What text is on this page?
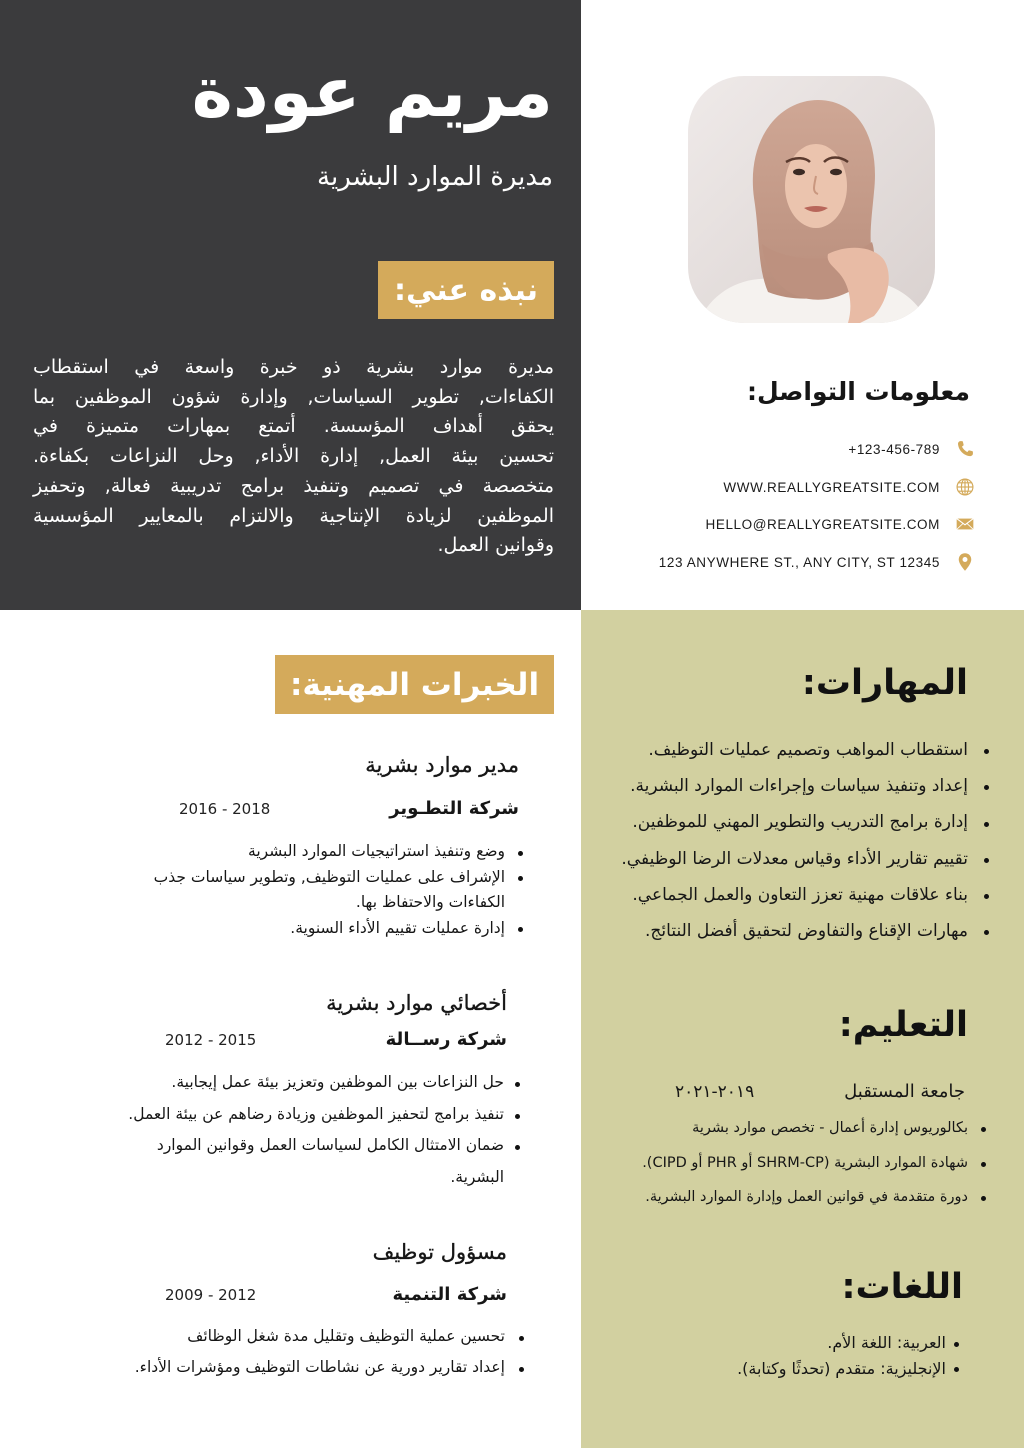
مريم عودة
مديرة الموارد البشرية
نبذه عني:
مديرة موارد بشرية ذو خبرة واسعة في استقطاب
الكفاءات, تطوير السياسات, وإدارة شؤون الموظفين بما
يحقق أهداف المؤسسة. أتمتع بمهارات متميزة في
تحسين بيئة العمل, إدارة الأداء, وحل النزاعات بكفاءة.
متخصصة في تصميم وتنفيذ برامج تدريبية فعالة, وتحفيز
الموظفين لزيادة الإنتاجية والالتزام بالمعايير المؤسسية
وقوانين العمل.
معلومات التواصل:
+123-456-789
WWW.REALLYGREATSITE.COM
HELLO@REALLYGREATSITE.COM
123 ANYWHERE ST., ANY CITY, ST 12345
الخبرات المهنية:
مدير موارد بشرية
شركة التطـوير
2016 - 2018
وضع وتنفيذ استراتيجيات الموارد البشرية
الإشراف على عمليات التوظيف, وتطوير سياسات جذب الكفاءات والاحتفاظ بها.
إدارة عمليات تقييم الأداء السنوية.
أخصائي موارد بشرية
شركة رســالة
2012 - 2015
حل النزاعات بين الموظفين وتعزيز بيئة عمل إيجابية.
تنفيذ برامج لتحفيز الموظفين وزيادة رضاهم عن بيئة العمل.
ضمان الامتثال الكامل لسياسات العمل وقوانين الموارد البشرية.
مسؤول توظيف
شركة التنمية
2009 - 2012
تحسين عملية التوظيف وتقليل مدة شغل الوظائف
إعداد تقارير دورية عن نشاطات التوظيف ومؤشرات الأداء.
المهارات:
استقطاب المواهب وتصميم عمليات التوظيف.
إعداد وتنفيذ سياسات وإجراءات الموارد البشرية.
إدارة برامج التدريب والتطوير المهني للموظفين.
تقييم تقارير الأداء وقياس معدلات الرضا الوظيفي.
بناء علاقات مهنية تعزز التعاون والعمل الجماعي.
مهارات الإقناع والتفاوض لتحقيق أفضل النتائج.
التعليم:
جامعة المستقبل
٢٠١٩-٢٠٢١
بكالوريوس إدارة أعمال - تخصص موارد بشرية
شهادة الموارد البشرية (SHRM-CP أو PHR أو CIPD).
دورة متقدمة في قوانين العمل وإدارة الموارد البشرية.
اللغات:
العربية: اللغة الأم.
الإنجليزية: متقدم (تحدثًا وكتابة).
